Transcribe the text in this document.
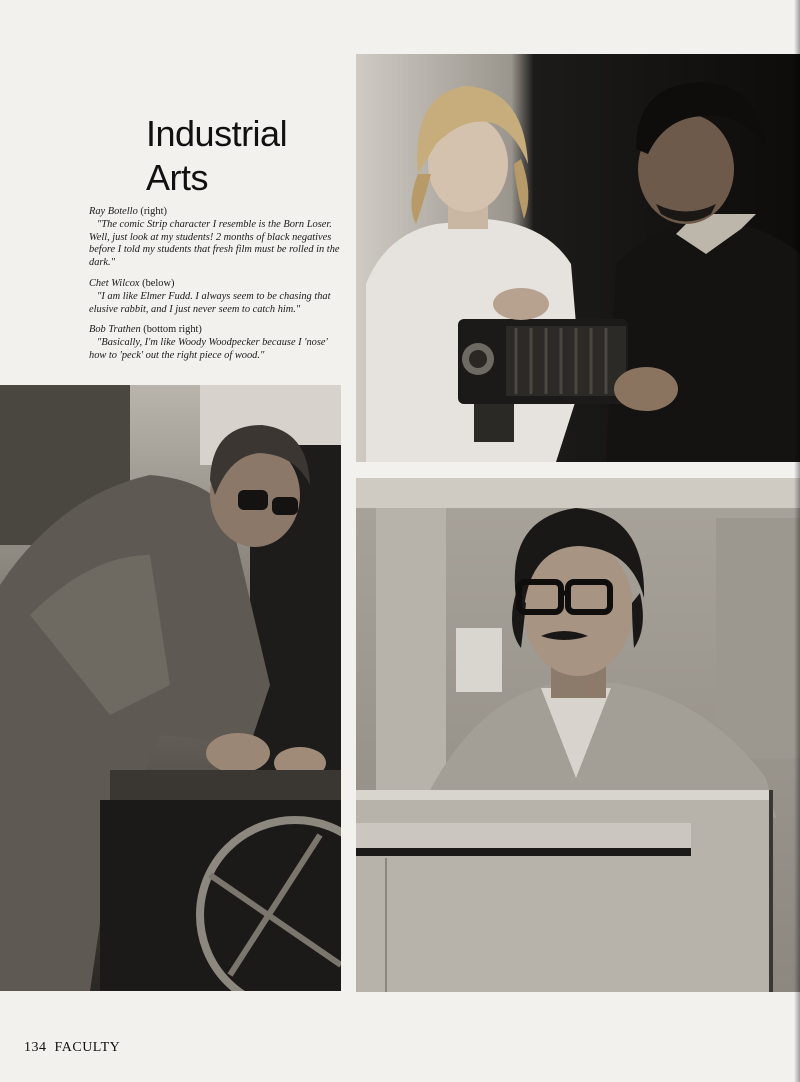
Industrial
Arts
Ray Botello (right)

"The comic Strip character I resemble is the Born Loser. Well, just look at my students! 2 months of black negatives before I told my students that fresh film must be rolled in the dark."

Chet Wilcox (below)

"I am like Elmer Fudd. I always seem to be chasing that elusive rabbit, and I just never seem to catch him."

Bob Trathen (bottom right)

"Basically, I'm like Woody Woodpecker because I 'nose' how to 'peck' out the right piece of wood."

134 FACULTY
